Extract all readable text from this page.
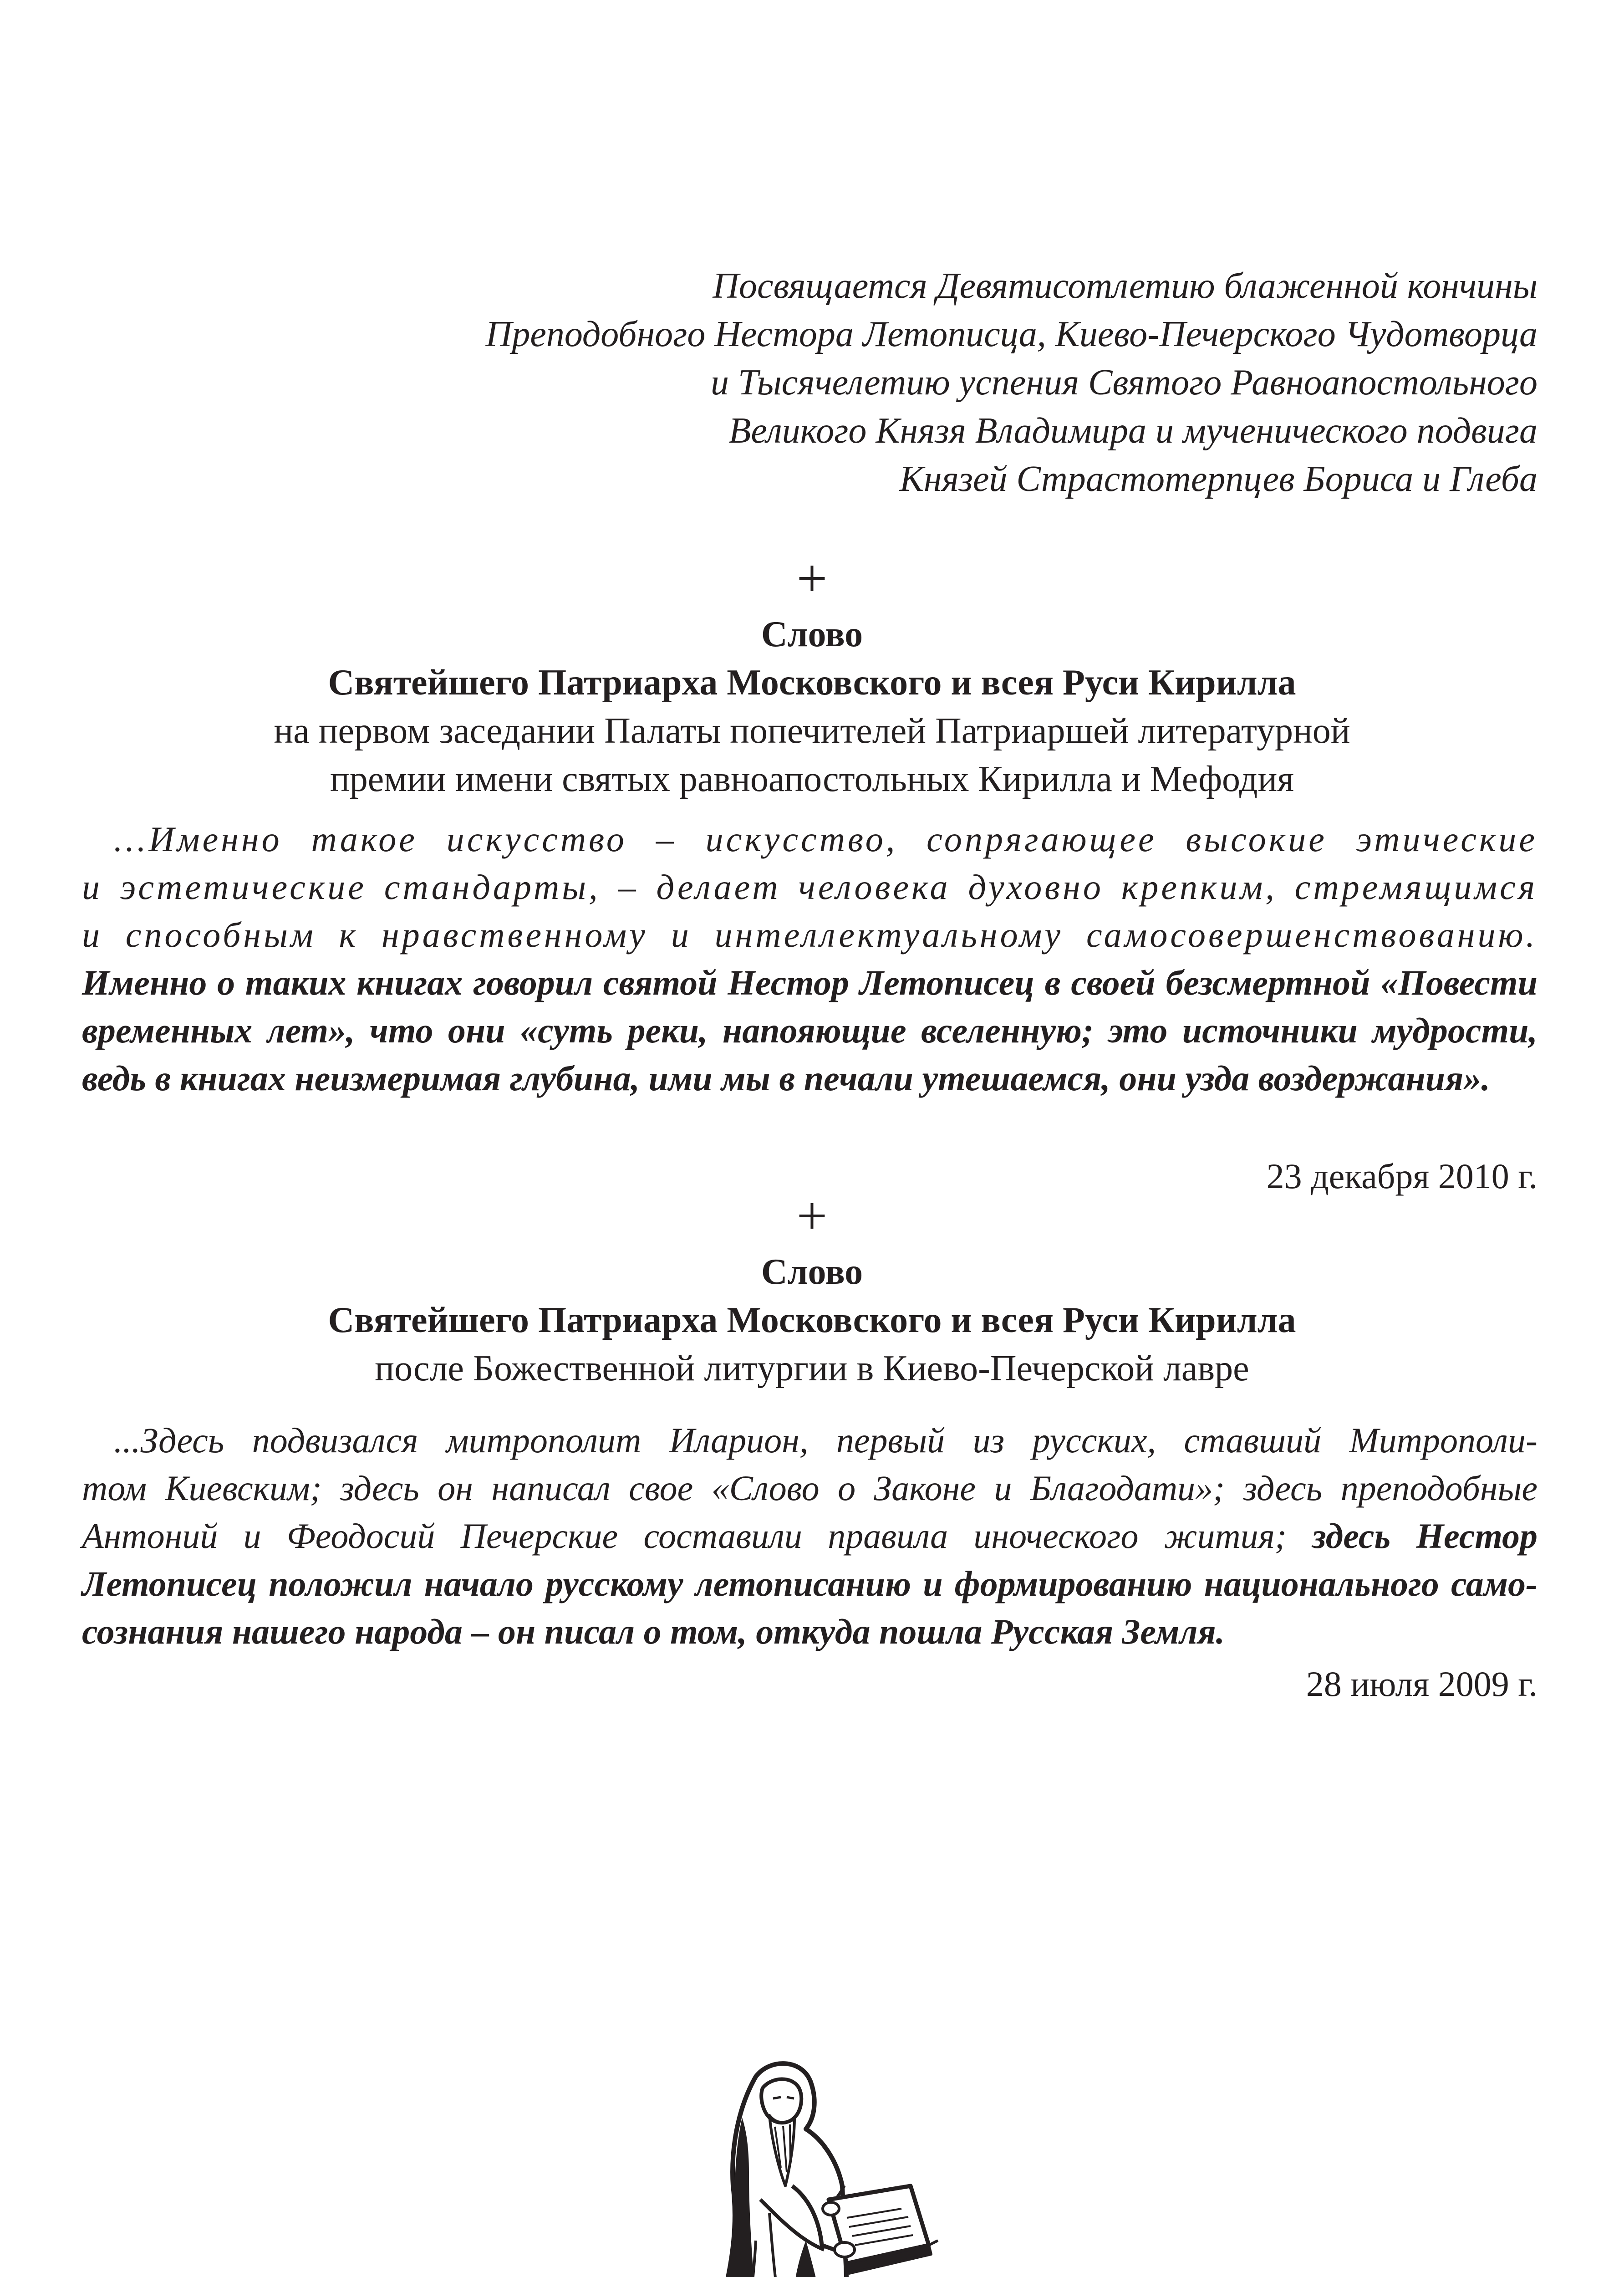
Посвящается Девятисотлетию блаженной кончины
Преподобного Нестора Летописца, Киево-Печерского Чудотворца
и Тысячелетию успения Святого Равноапостольного
Великого Князя Владимира и мученического подвига
Князей Страстотерпцев Бориса и Глеба
+
Слово
Святейшего Патриарха Московского и всея Руси Кирилла
на первом заседании Палаты попечителей Патриаршей литературной
премии имени святых равноапостольных Кирилла и Мефодия
...Именно такое искусство – искусство, сопрягающее высокие этические
и эстетические стандарты, – делает человека духовно крепким, стремящимся
и способным к нравственному и интеллектуальному самосовершенствованию.
Именно о таких книгах говорил святой Нестор Летописец в своей безсмертной «Повести
временных лет», что они «суть реки, напояющие вселенную; это источники мудрости,
ведь в книгах неизмеримая глубина, ими мы в печали утешаемся, они узда воздержания».
23 декабря 2010 г.
+
Слово
Святейшего Патриарха Московского и всея Руси Кирилла
после Божественной литургии в Киево-Печерской лавре
...Здесь подвизался митрополит Иларион, первый из русских, ставший Митрополи-
том Киевским; здесь он написал свое «Слово о Законе и Благодати»; здесь преподобные
Антоний и Феодосий Печерские составили правила иноческого жития; здесь Нестор
Летописец положил начало русскому летописанию и формированию национального само-
сознания нашего народа – он писал о том, откуда пошла Русская Земля.
28 июля 2009 г.
